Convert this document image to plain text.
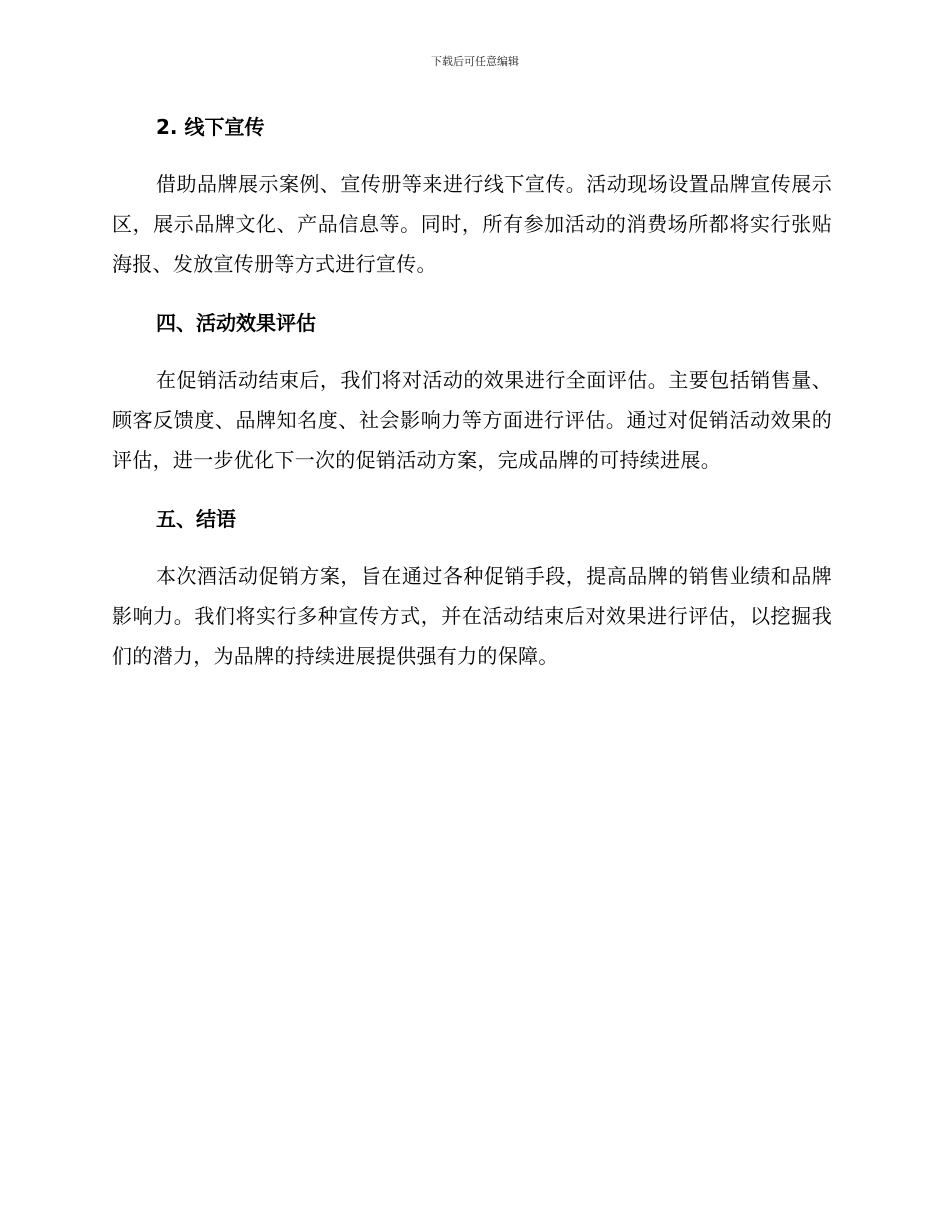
下载后可任意编辑
2. 线下宣传

借助品牌展示案例、宣传册等来进行线下宣传。活动现场设置品牌宣传展示区，展示品牌文化、产品信息等。同时，所有参加活动的消费场所都将实行张贴海报、发放宣传册等方式进行宣传。

四、活动效果评估

在促销活动结束后，我们将对活动的效果进行全面评估。主要包括销售量、顾客反馈度、品牌知名度、社会影响力等方面进行评估。通过对促销活动效果的评估，进一步优化下一次的促销活动方案，完成品牌的可持续进展。

五、结语

本次酒活动促销方案，旨在通过各种促销手段，提高品牌的销售业绩和品牌影响力。我们将实行多种宣传方式，并在活动结束后对效果进行评估，以挖掘我们的潜力，为品牌的持续进展提供强有力的保障。
